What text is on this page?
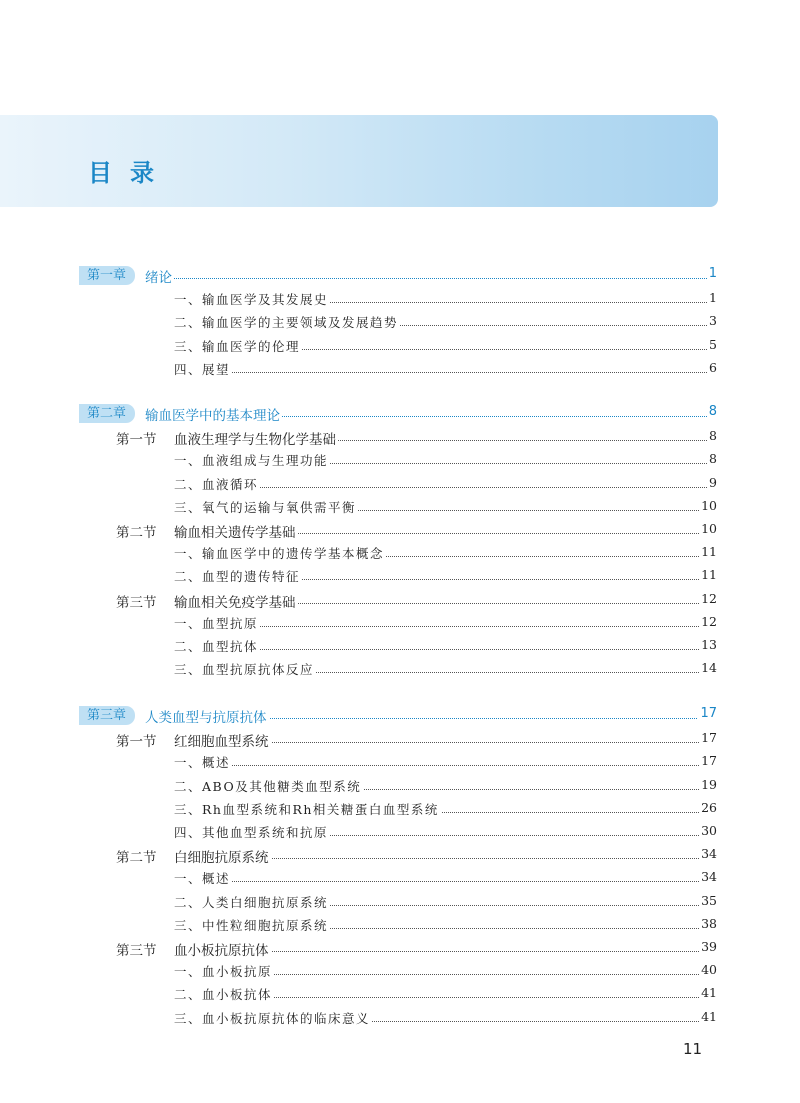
目录
第一章	绪论	1
一、输血医学及其发展史	1
二、输血医学的主要领域及发展趋势	3
三、输血医学的伦理	5
四、展望	6
第二章	输血医学中的基本理论	8
第一节 血液生理学与生物化学基础	8
一、血液组成与生理功能	8
二、血液循环	9
三、氧气的运输与氧供需平衡	10
第二节 输血相关遗传学基础	10
一、输血医学中的遗传学基本概念	11
二、血型的遗传特征	11
第三节 输血相关免疫学基础	12
一、血型抗原	12
二、血型抗体	13
三、血型抗原抗体反应	14
第三章	人类血型与抗原抗体	17
第一节 红细胞血型系统	17
一、概述	17
二、ABO及其他糖类血型系统	19
三、Rh血型系统和Rh相关糖蛋白血型系统	26
四、其他血型系统和抗原	30
第二节 白细胞抗原系统	34
一、概述	34
二、人类白细胞抗原系统	35
三、中性粒细胞抗原系统	38
第三节 血小板抗原抗体	39
一、血小板抗原	40
二、血小板抗体	41
三、血小板抗原抗体的临床意义	41
11
